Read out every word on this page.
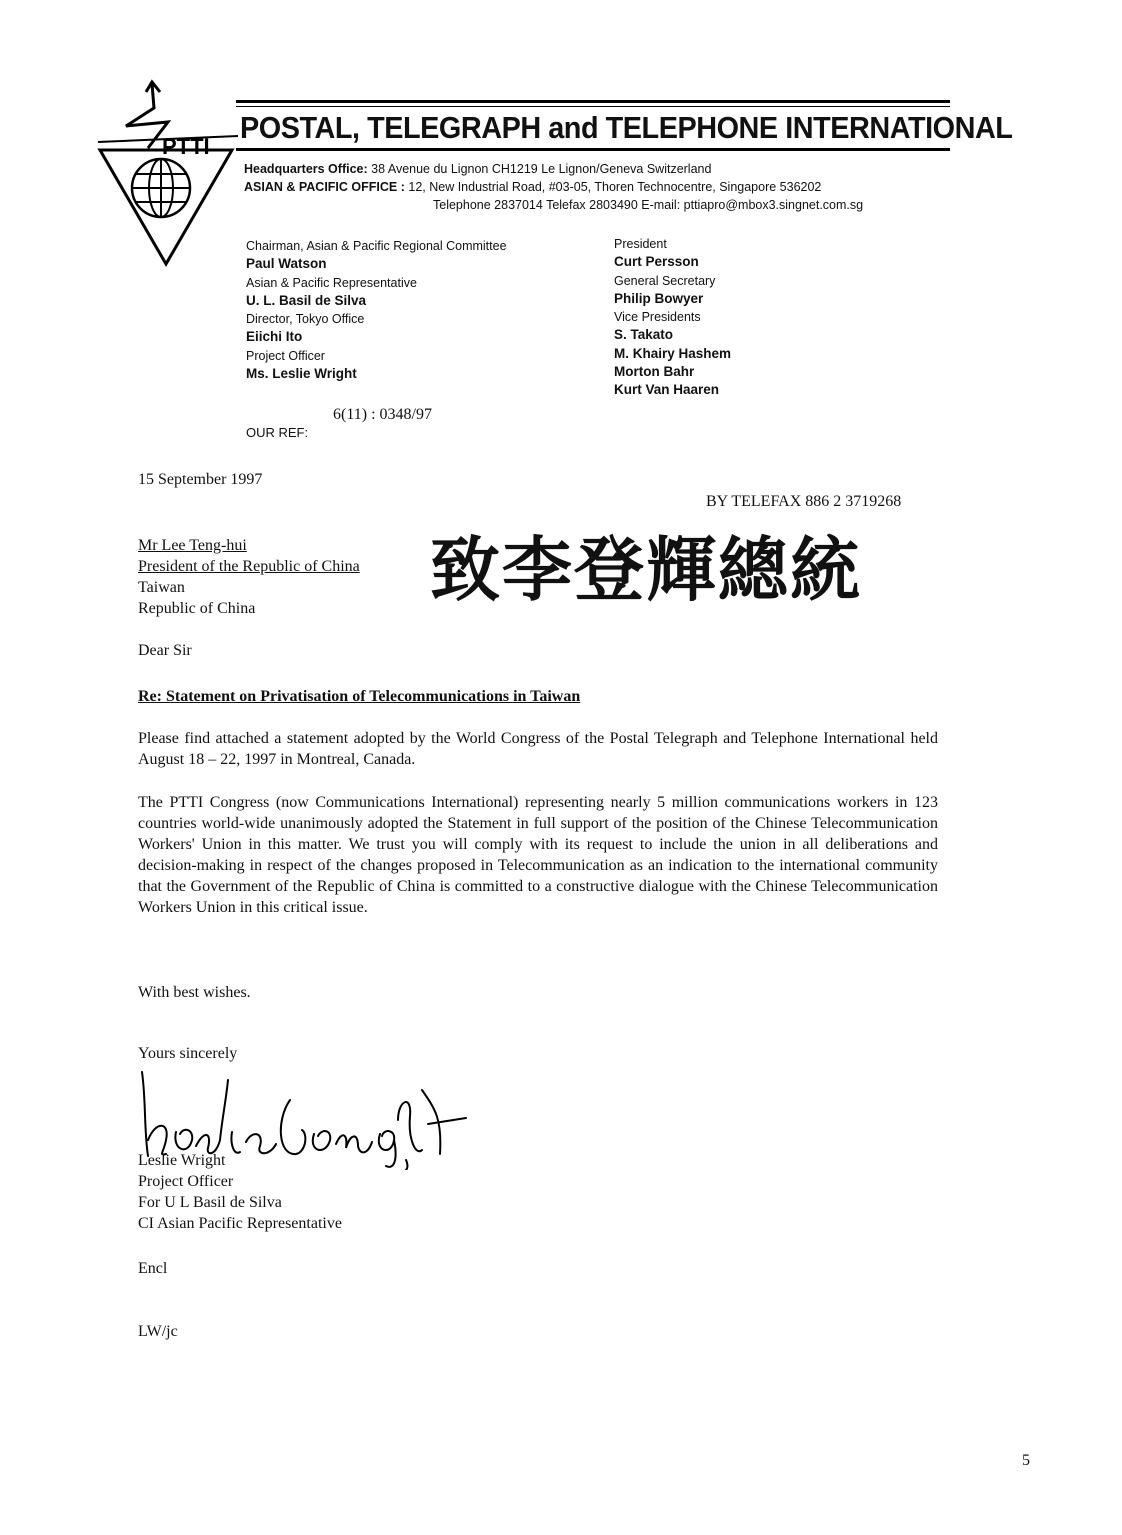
PTTI
POSTAL, TELEGRAPH and TELEPHONE INTERNATIONAL
Headquarters Office: 38 Avenue du Lignon CH1219 Le Lignon/Geneva Switzerland
ASIAN & PACIFIC OFFICE : 12, New Industrial Road, #03-05, Thoren Technocentre, Singapore 536202
Telephone 2837014 Telefax 2803490 E-mail: pttiapro@mbox3.singnet.com.sg
Chairman, Asian & Pacific Regional Committee
Paul Watson
Asian & Pacific Representative
U. L. Basil de Silva
Director, Tokyo Office
Eiichi Ito
Project Officer
Ms. Leslie Wright
President
Curt Persson
General Secretary
Philip Bowyer
Vice Presidents
S. Takato
M. Khairy Hashem
Morton Bahr
Kurt Van Haaren
6(11) : 0348/97
OUR REF:
15 September 1997
BY TELEFAX 886 2 3719268
Mr Lee Teng-hui
President of the Republic of China
Taiwan
Republic of China	致李登輝總統
Dear Sir
Re: Statement on Privatisation of Telecommunications in Taiwan
Please find attached a statement adopted by the World Congress of the Postal Telegraph and Telephone International held August 18 – 22, 1997 in Montreal, Canada.
The PTTI Congress (now Communications International) representing nearly 5 million communications workers in 123 countries world-wide unanimously adopted the Statement in full support of the position of the Chinese Telecommunication Workers' Union in this matter. We trust you will comply with its request to include the union in all deliberations and decision-making in respect of the changes proposed in Telecommunication as an indication to the international community that the Government of the Republic of China is committed to a constructive dialogue with the Chinese Telecommunication Workers Union in this critical issue.
With best wishes.
Yours sincerely
Leslie Wright
Project Officer
For U L Basil de Silva
CI Asian Pacific Representative
Encl
LW/jc
5
